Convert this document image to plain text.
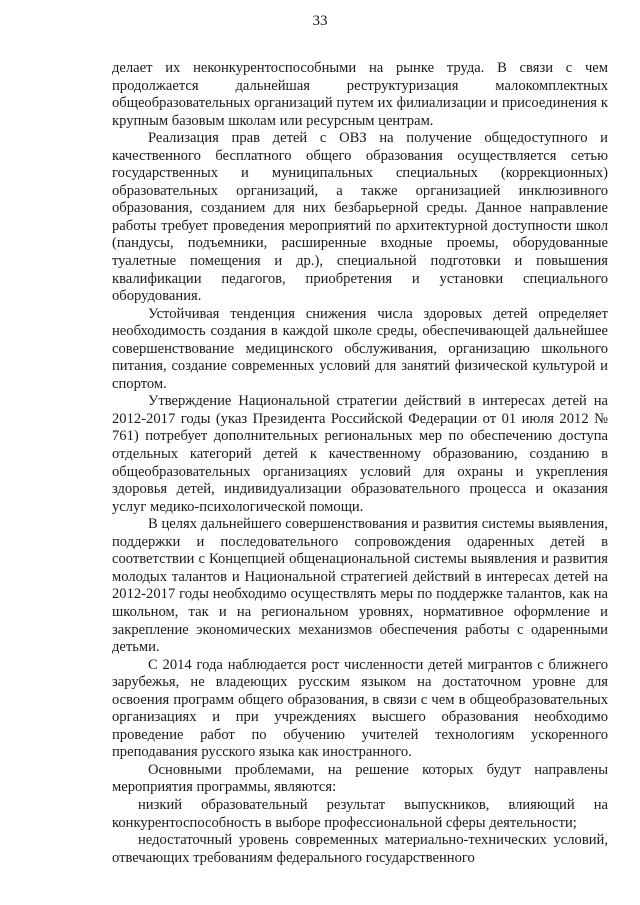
33

делает их неконкурентоспособными на рынке труда. В связи с чем продолжается дальнейшая реструктуризация малокомплектных общеобразовательных организаций путем их филиализации и присоединения к крупным базовым школам или ресурсным центрам.

Реализация прав детей с ОВЗ на получение общедоступного и качественного бесплатного общего образования осуществляется сетью государственных и муниципальных специальных (коррекционных) образовательных организаций, а также организацией инклюзивного образования, созданием для них безбарьерной среды. Данное направление работы требует проведения мероприятий по архитектурной доступности школ (пандусы, подъемники, расширенные входные проемы, оборудованные туалетные помещения и др.), специальной подготовки и повышения квалификации педагогов, приобретения и установки специального оборудования.

Устойчивая тенденция снижения числа здоровых детей определяет необходимость создания в каждой школе среды, обеспечивающей дальнейшее совершенствование медицинского обслуживания, организацию школьного питания, создание современных условий для занятий физической культурой и спортом.

Утверждение Национальной стратегии действий в интересах детей на 2012-2017 годы (указ Президента Российской Федерации от 01 июля 2012 № 761) потребует дополнительных региональных мер по обеспечению доступа отдельных категорий детей к качественному образованию, созданию в общеобразовательных организациях условий для охраны и укрепления здоровья детей, индивидуализации образовательного процесса и оказания услуг медико-психологической помощи.

В целях дальнейшего совершенствования и развития системы выявления, поддержки и последовательного сопровождения одаренных детей в соответствии с Концепцией общенациональной системы выявления и развития молодых талантов и Национальной стратегией действий в интересах детей на 2012-2017 годы необходимо осуществлять меры по поддержке талантов, как на школьном, так и на региональном уровнях, нормативное оформление и закрепление экономических механизмов обеспечения работы с одаренными детьми.

С 2014 года наблюдается рост численности детей мигрантов с ближнего зарубежья, не владеющих русским языком на достаточном уровне для освоения программ общего образования, в связи с чем в общеобразовательных организациях и при учреждениях высшего образования необходимо проведение работ по обучению учителей технологиям ускоренного преподавания русского языка как иностранного.

Основными проблемами, на решение которых будут направлены мероприятия программы, являются:

низкий образовательный результат выпускников, влияющий на конкурентоспособность в выборе профессиональной сферы деятельности;

недостаточный уровень современных материально-технических условий, отвечающих требованиям федерального государственного
